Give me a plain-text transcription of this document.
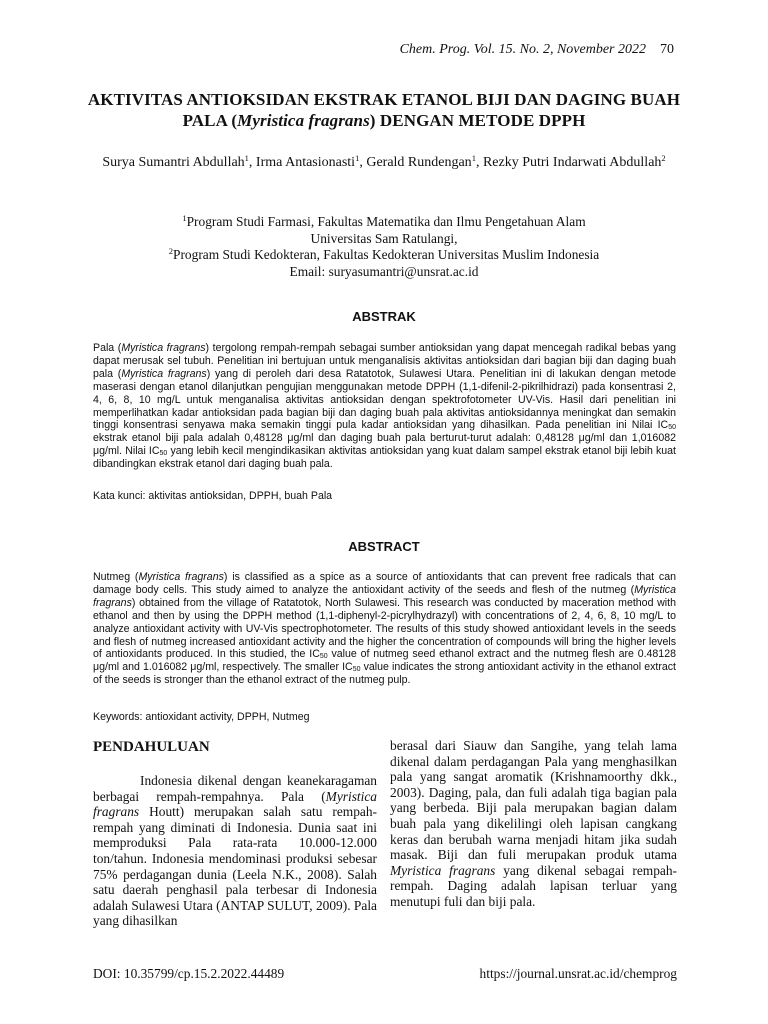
Chem. Prog. Vol. 15. No. 2, November 2022 70
AKTIVITAS ANTIOKSIDAN EKSTRAK ETANOL BIJI DAN DAGING BUAH PALA (Myristica fragrans) DENGAN METODE DPPH
Surya Sumantri Abdullah$^1$, Irma Antasionasti$^1$, Gerald Rundengan$^1$, Rezky Putri Indarwati Abdullah$^2$
$^1$Program Studi Farmasi, Fakultas Matematika dan Ilmu Pengetahuan Alam
Universitas Sam Ratulangi,
$^2$Program Studi Kedokteran, Fakultas Kedokteran Universitas Muslim Indonesia
Email: suryasumantri@unsrat.ac.id
ABSTRAK
Pala (Myristica fragrans) tergolong rempah-rempah sebagai sumber antioksidan yang dapat mencegah radikal bebas yang dapat merusak sel tubuh. Penelitian ini bertujuan untuk menganalisis aktivitas antioksidan dari bagian biji dan daging buah pala (Myristica fragrans) yang di peroleh dari desa Ratatotok, Sulawesi Utara. Penelitian ini di lakukan dengan metode maserasi dengan etanol dilanjutkan pengujian menggunakan metode DPPH (1,1-difenil-2-pikrilhidrazi) pada konsentrasi 2, 4, 6, 8, 10 mg/L untuk menganalisa aktivitas antioksidan dengan spektrofotometer UV-Vis. Hasil dari penelitian ini memperlihatkan kadar antioksidan pada bagian biji dan daging buah pala aktivitas antioksidannya meningkat dan semakin tinggi konsentrasi senyawa maka semakin tinggi pula kadar antioksidan yang dihasilkan. Pada penelitian ini Nilai $IC_{50}$ ekstrak etanol biji pala adalah 0,48128 μg/ml dan daging buah pala berturut-turut adalah: 0,48128 μg/ml dan 1,016082 μg/ml. Nilai $IC_{50}$ yang lebih kecil mengindikasikan aktivitas antioksidan yang kuat dalam sampel ekstrak etanol biji lebih kuat dibandingkan ekstrak etanol dari daging buah pala.
Kata kunci: aktivitas antioksidan, DPPH, buah Pala
ABSTRACT
Nutmeg (Myristica fragrans) is classified as a spice as a source of antioxidants that can prevent free radicals that can damage body cells. This study aimed to analyze the antioxidant activity of the seeds and flesh of the nutmeg (Myristica fragrans) obtained from the village of Ratatotok, North Sulawesi. This research was conducted by maceration method with ethanol and then by using the DPPH method (1,1-diphenyl-2-picrylhydrazyl) with concentrations of 2, 4, 6, 8, 10 mg/L to analyze antioxidant activity with UV-Vis spectrophotometer. The results of this study showed antioxidant levels in the seeds and flesh of nutmeg increased antioxidant activity and the higher the concentration of compounds will bring the higher levels of antioxidants produced. In this studied, the $IC_{50}$ value of nutmeg seed ethanol extract and the nutmeg flesh are 0.48128 μg/ml and 1.016082 μg/ml, respectively. The smaller $IC_{50}$ value indicates the strong antioxidant activity in the ethanol extract of the seeds is stronger than the ethanol extract of the nutmeg pulp.
Keywords: antioxidant activity, DPPH, Nutmeg
PENDAHULUAN

Indonesia dikenal dengan keanekaragaman berbagai rempah-rempahnya. Pala (Myristica fragrans Houtt) merupakan salah satu rempah-rempah yang diminati di Indonesia. Dunia saat ini memproduksi Pala rata-rata 10.000-12.000 ton/tahun. Indonesia mendominasi produksi sebesar 75% perdagangan dunia (Leela N.K., 2008). Salah satu daerah penghasil pala terbesar di Indonesia adalah Sulawesi Utara (ANTAP SULUT, 2009). Pala yang dihasilkan

berasal dari Siauw dan Sangihe, yang telah lama dikenal dalam perdagangan Pala yang menghasilkan pala yang sangat aromatik (Krishnamoorthy dkk., 2003). Daging, pala, dan fuli adalah tiga bagian pala yang berbeda. Biji pala merupakan bagian dalam buah pala yang dikelilingi oleh lapisan cangkang keras dan berubah warna menjadi hitam jika sudah masak. Biji dan fuli merupakan produk utama Myristica fragrans yang dikenal sebagai rempah-rempah. Daging adalah lapisan terluar yang menutupi fuli dan biji pala.

DOI: 10.35799/cp.15.2.2022.44489	https://journal.unsrat.ac.id/chemprog
